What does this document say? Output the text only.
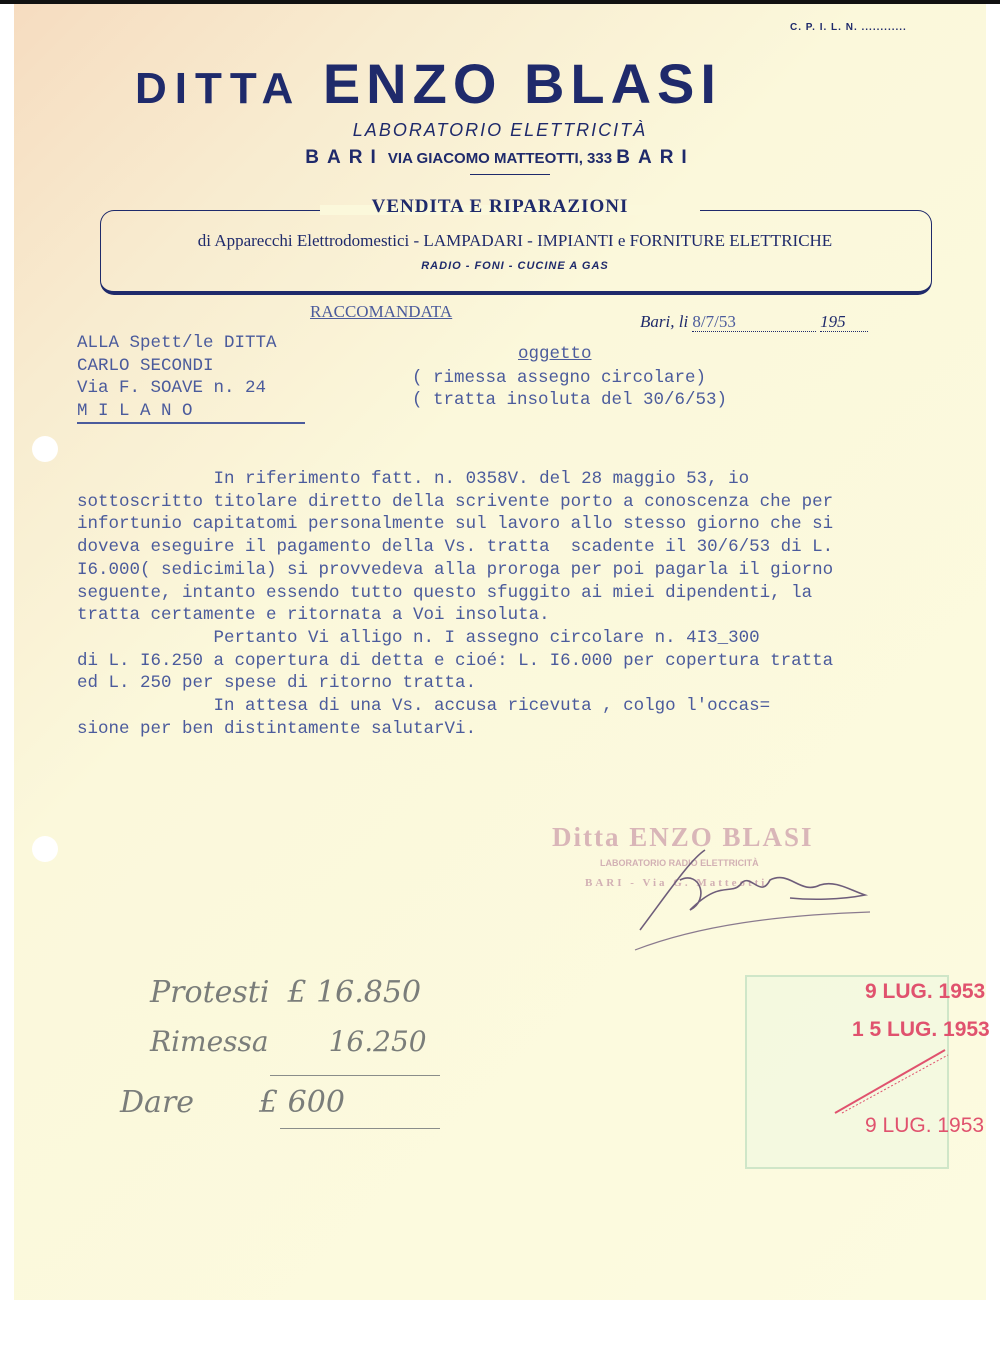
C. P. I. L. N. ............
DITTA ENZO BLASI
LABORATORIO ELETTRICITÀ
BARI VIA GIACOMO MATTEOTTI, 333 BARI
VENDITA E RIPARAZIONI
di Apparecchi Elettrodomestici - LAMPADARI - IMPIANTI e FORNITURE ELETTRICHE
RADIO - FONI - CUCINE A GAS
RACCOMANDATA
Bari, li 8/7/53	195
ALLA Spett/le DITTA
CARLO SECONDI
Via F. SOAVE n. 24
M I L A N O
oggetto
( rimessa assegno circolare)
( tratta insoluta del 30/6/53)
In riferimento fatt. n. 0358V. del 28 maggio 53, io
sottoscritto titolare diretto della scrivente porto a conoscenza che per
infortunio capitatomi personalmente sul lavoro allo stesso giorno che si
doveva eseguire il pagamento della Vs. tratta  scadente il 30/6/53 di L.
I6.000( sedicimila) si provvedeva alla proroga per poi pagarla il giorno
seguente, intanto essendo tutto questo sfuggito ai miei dipendenti, la
tratta certamente e ritornata a Voi insoluta.
Pertanto Vi alligo n. I assegno circolare n. 4I3_300
di L. I6.250 a copertura di detta e cioé: L. I6.000 per copertura tratta
ed L. 250 per spese di ritorno tratta.
In attesa di una Vs. accusa ricevuta , colgo l'occas=
sione per ben distintamente salutarVi.
Ditta ENZO BLASI
LABORATORIO RADIO ELETTRICITÀ
BARI - Via G. Matteotti
Protesti £ 16.850
Rimessa 16.250
Dare £ 600
9 LUG. 1953
1 5 LUG. 1953
9 LUG. 1953
